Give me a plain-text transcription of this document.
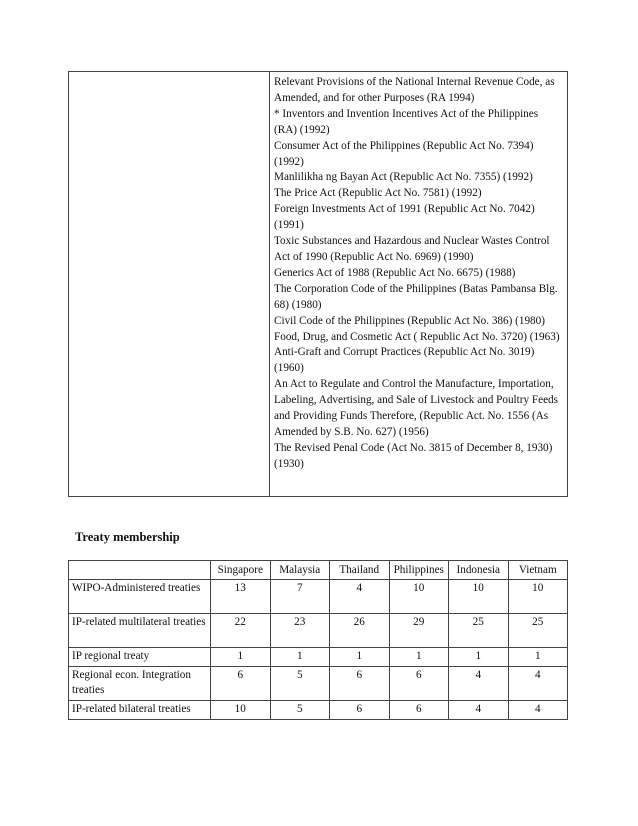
Relevant Provisions of the National Internal Revenue Code, as Amended, and for other Purposes (RA 1994)
* Inventors and Invention Incentives Act of the Philippines (RA) (1992)
Consumer Act of the Philippines (Republic Act No. 7394) (1992)
Manlilikha ng Bayan Act (Republic Act No. 7355) (1992)
The Price Act (Republic Act No. 7581) (1992)
Foreign Investments Act of 1991 (Republic Act No. 7042) (1991)
Toxic Substances and Hazardous and Nuclear Wastes Control Act of 1990 (Republic Act No. 6969) (1990)
Generics Act of 1988 (Republic Act No. 6675) (1988)
The Corporation Code of the Philippines (Batas Pambansa Blg. 68) (1980)
Civil Code of the Philippines (Republic Act No. 386) (1980)
Food, Drug, and Cosmetic Act ( Republic Act No. 3720) (1963)
Anti-Graft and Corrupt Practices (Republic Act No. 3019) (1960)
An Act to Regulate and Control the Manufacture, Importation, Labeling, Advertising, and Sale of Livestock and Poultry Feeds and Providing Funds Therefore, (Republic Act. No. 1556 (As Amended by S.B. No. 627) (1956)
The Revised Penal Code (Act No. 3815 of December 8, 1930) (1930)
Treaty membership
	Singapore	Malaysia	Thailand	Philippines	Indonesia	Vietnam
WIPO-Administered treaties	13	7	4	10	10	10
IP-related multilateral treaties	22	23	26	29	25	25
IP regional treaty	1	1	1	1	1	1
Regional econ. Integration treaties	6	5	6	6	4	4
IP-related bilateral treaties	10	5	6	6	4	4
